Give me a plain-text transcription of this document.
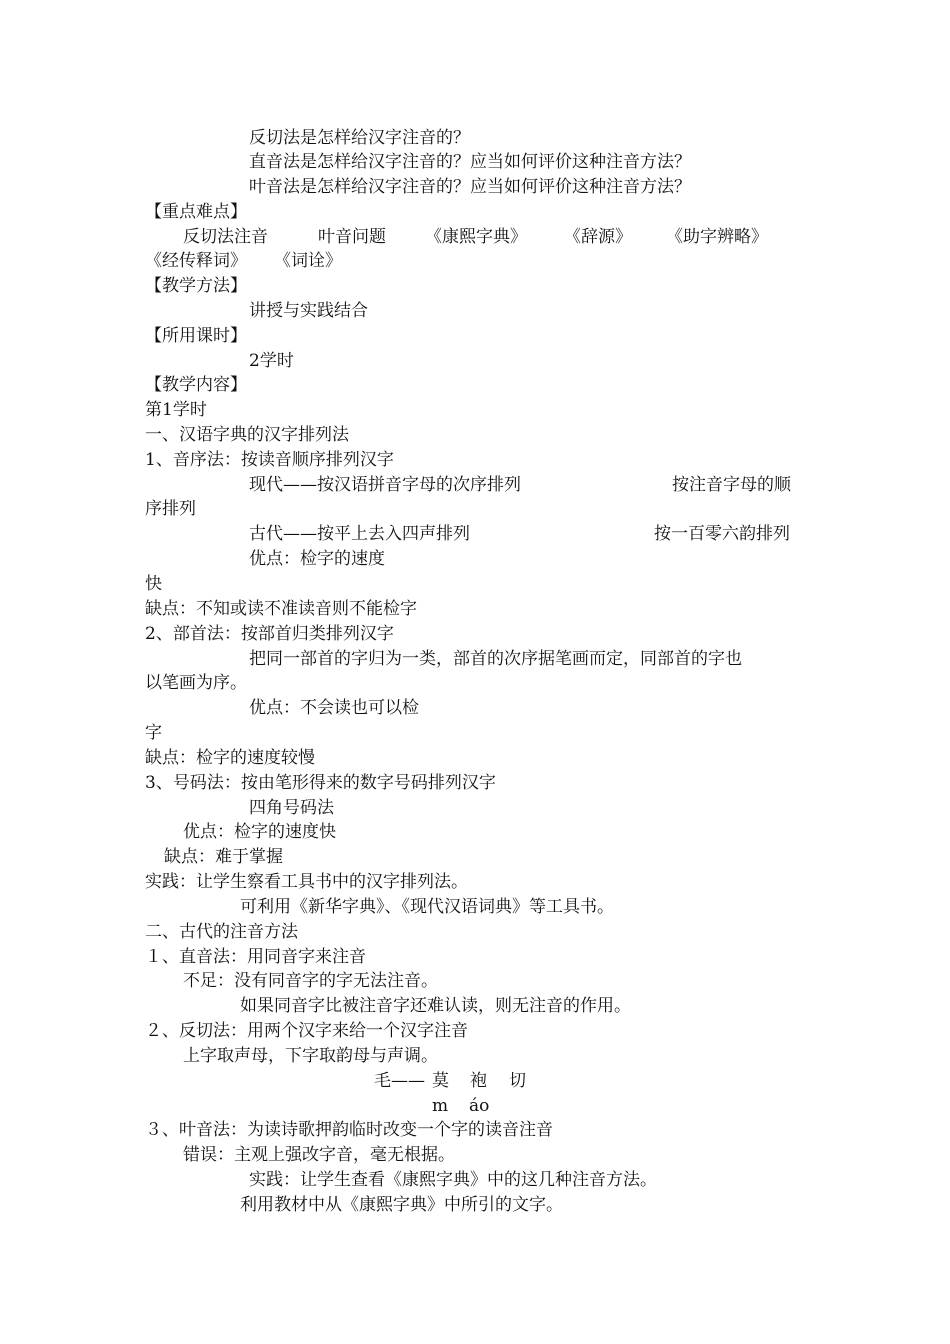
反切法是怎样给汉字注音的？
直音法是怎样给汉字注音的？应当如何评价这种注音方法？
叶音法是怎样给汉字注音的？应当如何评价这种注音方法？
【重点难点】
反切法注音	叶音问题 《康熙字典》 《辞源》 《助字辨略》
《经传释词》 《词诠》
【教学方法】
讲授与实践结合
【所用课时】
2学时
【教学内容】
第1学时
一、汉语字典的汉字排列法
1、音序法：按读音顺序排列汉字
现代——按汉语拼音字母的次序排列	按注音字母的顺
序排列
古代——按平上去入四声排列	按一百零六韵排列
优点：检字的速度
快
缺点：不知或读不准读音则不能检字
2、部首法：按部首归类排列汉字
把同一部首的字归为一类，部首的次序据笔画而定，同部首的字也
以笔画为序。
优点：不会读也可以检
字
缺点：检字的速度较慢
3、号码法：按由笔形得来的数字号码排列汉字
四角号码法
优点：检字的速度快
缺点：难于掌握
实践：让学生察看工具书中的汉字排列法。
可利用《新华字典》、《现代汉语词典》等工具书。
二、古代的注音方法
１、直音法：用同音字来注音
不足：没有同音字的字无法注音。
如果同音字比被注音字还难认读，则无注音的作用。
２、反切法：用两个汉字来给一个汉字注音
上字取声母，下字取韵母与声调。
毛—— 莫 袍 切
m áo
３、叶音法：为读诗歌押韵临时改变一个字的读音注音
错误：主观上强改字音，毫无根据。
实践：让学生查看《康熙字典》中的这几种注音方法。
利用教材中从《康熙字典》中所引的文字。
